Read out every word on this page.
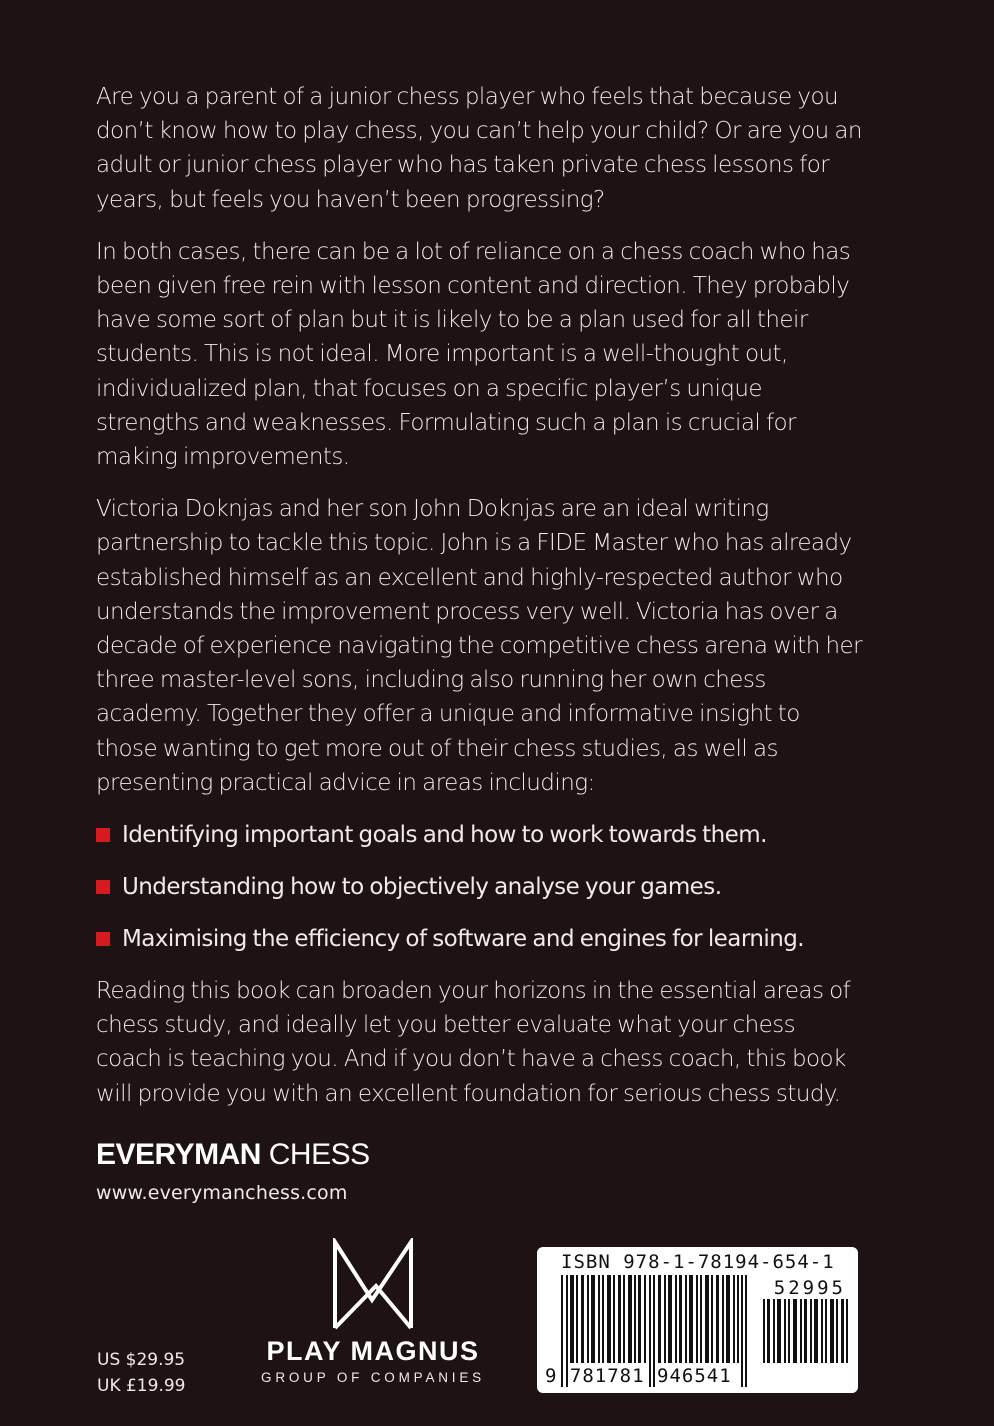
Are you a parent of a junior chess player who feels that because you don’t know how to play chess, you can’t help your child? Or are you an adult or junior chess player who has taken private chess lessons for years, but feels you haven’t been progressing?

In both cases, there can be a lot of reliance on a chess coach who has been given free rein with lesson content and direction. They probably have some sort of plan but it is likely to be a plan used for all their students. This is not ideal. More important is a well-thought out, individualized plan, that focuses on a specific player’s unique strengths and weaknesses. Formulating such a plan is crucial for making improvements.

Victoria Doknjas and her son John Doknjas are an ideal writing partnership to tackle this topic. John is a FIDE Master who has already established himself as an excellent and highly-respected author who understands the improvement process very well. Victoria has over a decade of experience navigating the competitive chess arena with her three master-level sons, including also running her own chess academy. Together they offer a unique and informative insight to those wanting to get more out of their chess studies, as well as presenting practical advice in areas including:

Identifying important goals and how to work towards them.
Understanding how to objectively analyse your games.
Maximising the efficiency of software and engines for learning.

Reading this book can broaden your horizons in the essential areas of chess study, and ideally let you better evaluate what your chess coach is teaching you. And if you don’t have a chess coach, this book will provide you with an excellent foundation for serious chess study.

EVERYMAN CHESS
www.everymanchess.com
US $29.95
UK £19.99
PLAY MAGNUS
GROUP OF COMPANIES
ISBN 978-1-78194-654-1
52995
9 781781 946541
